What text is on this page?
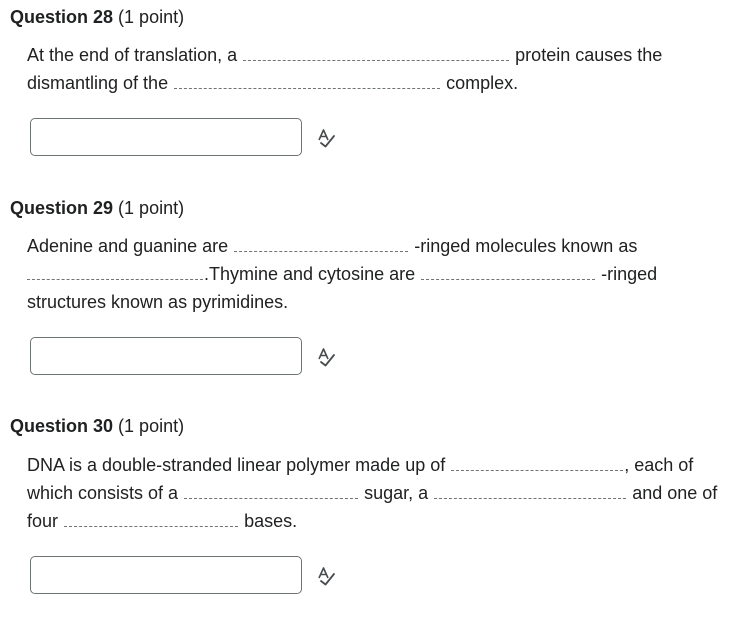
Question 28 (1 point)
At the end of translation, a	protein causes the
dismantling of the	complex.
Question 29 (1 point)
Adenine and guanine are	-ringed molecules known as
.Thymine and cytosine are	-ringed
structures known as pyrimidines.
Question 30 (1 point)
DNA is a double-stranded linear polymer made up of	, each of
which consists of a	sugar, a	and one of
four	bases.
